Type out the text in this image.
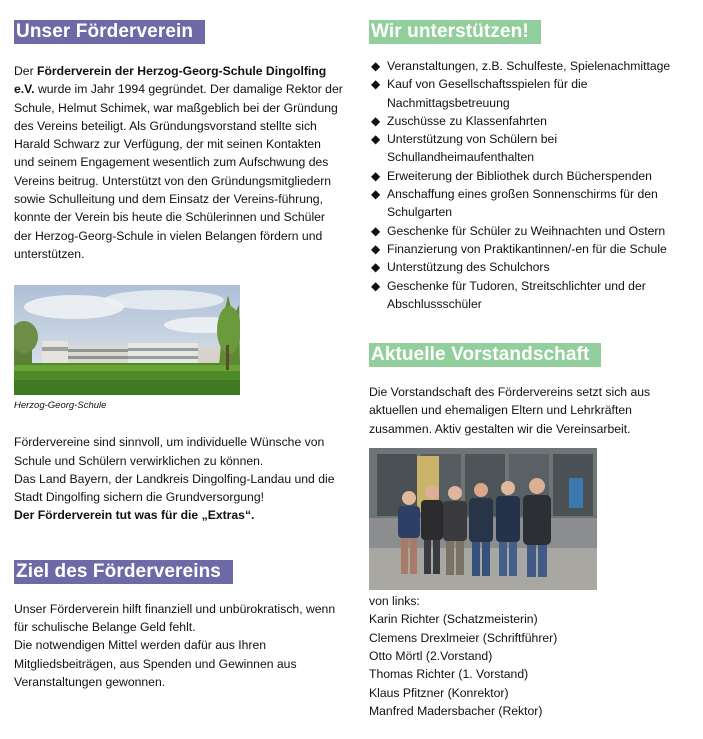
Unser Förderverein

Der Förderverein der Herzog-Georg-Schule Dingolfing e.V. wurde im Jahr 1994 gegründet. Der damalige Rektor der Schule, Helmut Schimek, war maßgeblich bei der Gründung des Vereins beteiligt. Als Gründungsvorstand stellte sich Harald Schwarz zur Verfügung, der mit seinen Kontakten und seinem Engagement wesentlich zum Aufschwung des Vereins beitrug. Unterstützt von den Gründungsmitgliedern sowie Schulleitung und dem Einsatz der Vereins-führung, konnte der Verein bis heute die Schülerinnen und Schüler der Herzog-Georg-Schule in vielen Belangen fördern und unterstützen.

Herzog-Georg-Schule

Fördervereine sind sinnvoll, um individuelle Wünsche von Schule und Schülern verwirklichen zu können.

Das Land Bayern, der Landkreis Dingolfing-Landau und die Stadt Dingolfing sichern die Grundversorgung!

Der Förderverein tut was für die „Extras“.

Ziel des Fördervereins

Unser Förderverein hilft finanziell und unbürokratisch, wenn für schulische Belange Geld fehlt.

Die notwendigen Mittel werden dafür aus Ihren Mitgliedsbeiträgen, aus Spenden und Gewinnen aus Veranstaltungen gewonnen.

Wir unterstützen!
◆ Veranstaltungen, z.B. Schulfeste, Spielenachmittage
◆ Kauf von Gesellschaftsspielen für die Nachmittagsbetreuung
◆ Zuschüsse zu Klassenfahrten
◆ Unterstützung von Schülern bei Schullandheimaufenthalten
◆ Erweiterung der Bibliothek durch Bücherspenden
◆ Anschaffung eines großen Sonnenschirms für den Schulgarten
◆ Geschenke für Schüler zu Weihnachten und Ostern
◆ Finanzierung von Praktikantinnen/-en für die Schule
◆ Unterstützung des Schulchors
◆ Geschenke für Tudoren, Streitschlichter und der Abschlussschüler
Aktuelle Vorstandschaft

Die Vorstandschaft des Fördervereins setzt sich aus aktuellen und ehemaligen Eltern und Lehrkräften zusammen. Aktiv gestalten wir die Vereinsarbeit.

von links:

Karin Richter (Schatzmeisterin)

Clemens Drexlmeier (Schriftführer)

Otto Mörtl (2.Vorstand)

Thomas Richter (1. Vorstand)

Klaus Pfitzner (Konrektor)

Manfred Madersbacher (Rektor)
